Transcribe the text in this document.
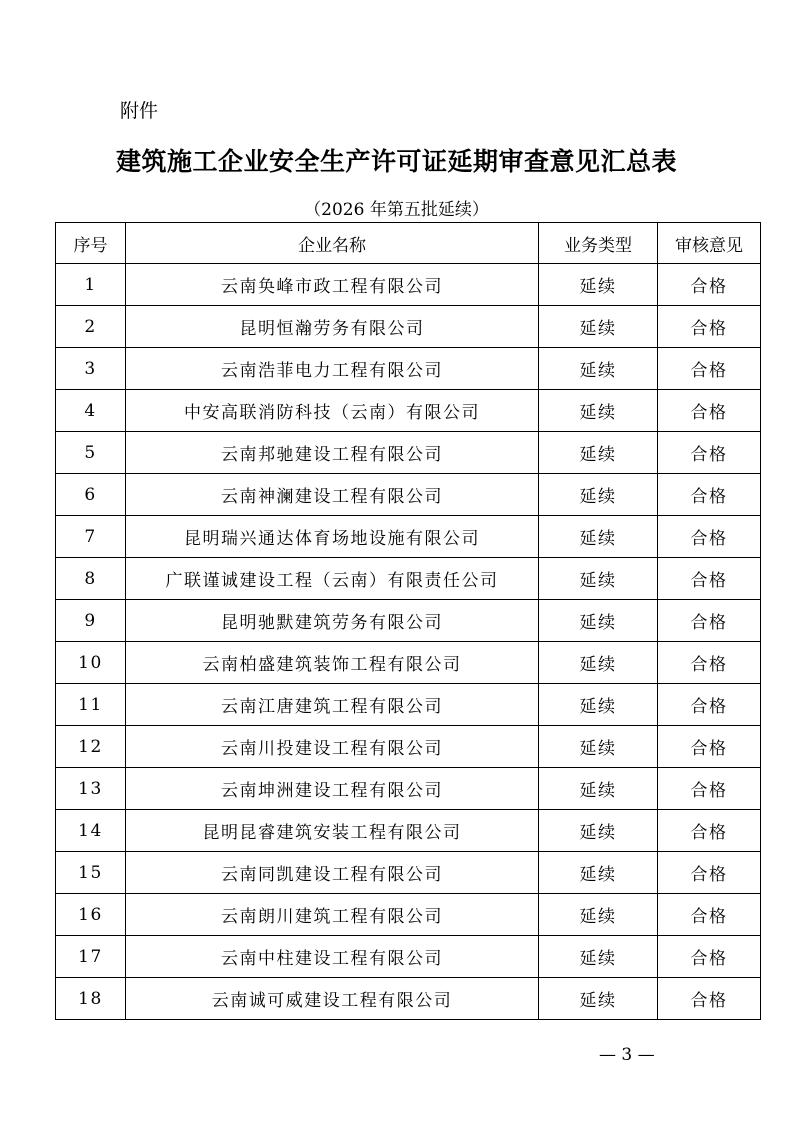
附件
建筑施工企业安全生产许可证延期审查意见汇总表
（2026 年第五批延续）
序号	企业名称	业务类型	审核意见
1	云南奂峰市政工程有限公司	延续	合格
2	昆明恒瀚劳务有限公司	延续	合格
3	云南浩菲电力工程有限公司	延续	合格
4	中安高联消防科技（云南）有限公司	延续	合格
5	云南邦驰建设工程有限公司	延续	合格
6	云南神澜建设工程有限公司	延续	合格
7	昆明瑞兴通达体育场地设施有限公司	延续	合格
8	广联谨诚建设工程（云南）有限责任公司	延续	合格
9	昆明驰默建筑劳务有限公司	延续	合格
10	云南柏盛建筑装饰工程有限公司	延续	合格
11	云南江唐建筑工程有限公司	延续	合格
12	云南川投建设工程有限公司	延续	合格
13	云南坤洲建设工程有限公司	延续	合格
14	昆明昆睿建筑安装工程有限公司	延续	合格
15	云南同凯建设工程有限公司	延续	合格
16	云南朗川建筑工程有限公司	延续	合格
17	云南中柱建设工程有限公司	延续	合格
18	云南诚可威建设工程有限公司	延续	合格
— 3 —
